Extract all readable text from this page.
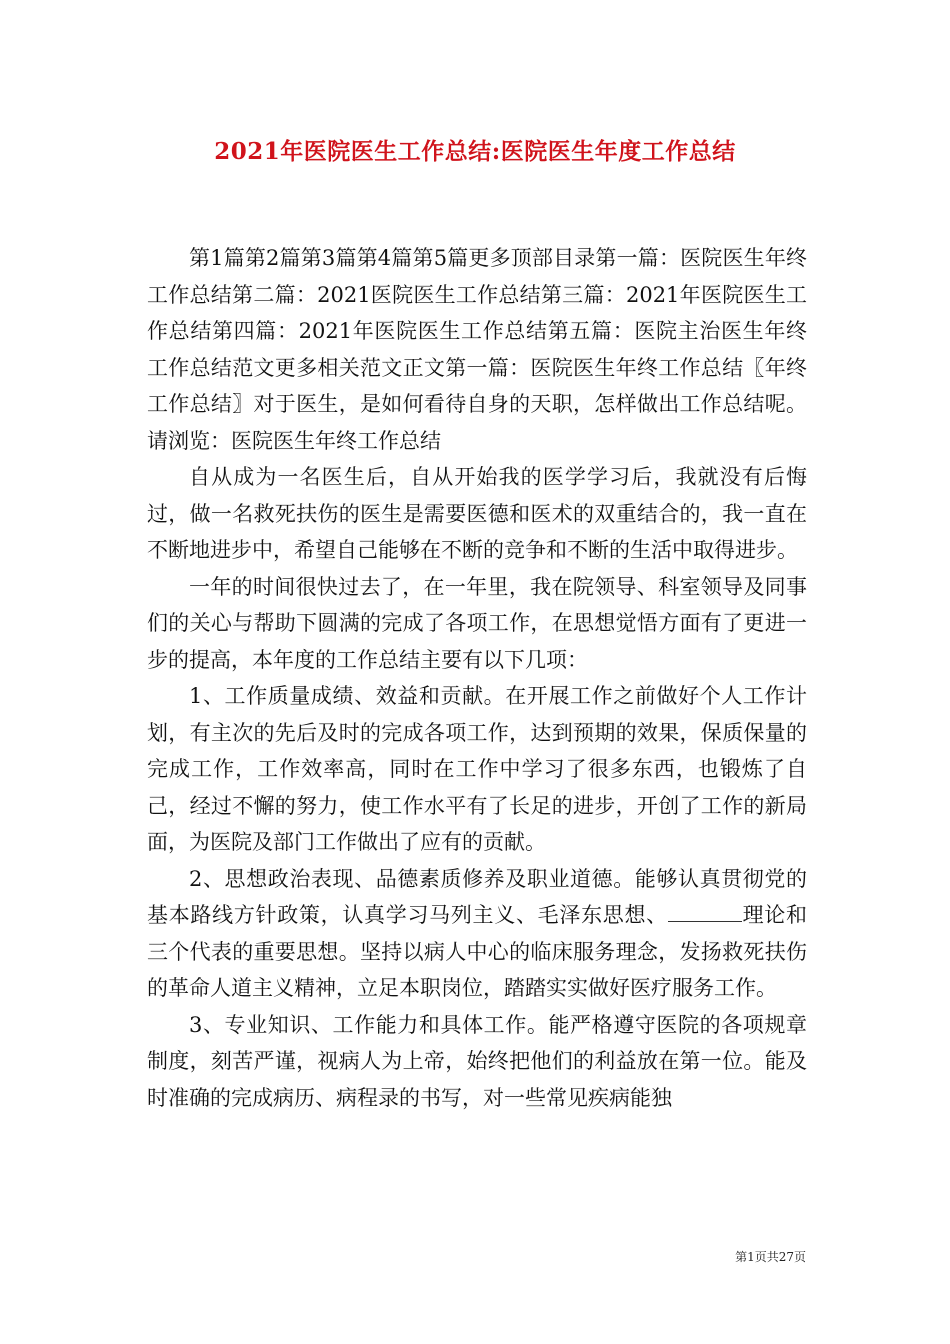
2021年医院医生工作总结:医院医生年度工作总结

第1篇第2篇第3篇第4篇第5篇更多顶部目录第一篇：医院医生年终工作总结第二篇：2021医院医生工作总结第三篇：2021年医院医生工作总结第四篇：2021年医院医生工作总结第五篇：医院主治医生年终工作总结范文更多相关范文正文第一篇：医院医生年终工作总结〖年终工作总结〗对于医生，是如何看待自身的天职，怎样做出工作总结呢。请浏览：医院医生年终工作总结

自从成为一名医生后，自从开始我的医学学习后，我就没有后悔过，做一名救死扶伤的医生是需要医德和医术的双重结合的，我一直在不断地进步中，希望自己能够在不断的竞争和不断的生活中取得进步。

一年的时间很快过去了，在一年里，我在院领导、科室领导及同事们的关心与帮助下圆满的完成了各项工作，在思想觉悟方面有了更进一步的提高，本年度的工作总结主要有以下几项：

1、工作质量成绩、效益和贡献。在开展工作之前做好个人工作计划，有主次的先后及时的完成各项工作，达到预期的效果，保质保量的完成工作，工作效率高，同时在工作中学习了很多东西，也锻炼了自己，经过不懈的努力，使工作水平有了长足的进步，开创了工作的新局面，为医院及部门工作做出了应有的贡献。

2、思想政治表现、品德素质修养及职业道德。能够认真贯彻党的基本路线方针政策，认真学习马列主义、毛泽东思想、	理论和三个代表的重要思想。坚持以病人中心的临床服务理念，发扬救死扶伤的革命人道主义精神，立足本职岗位，踏踏实实做好医疗服务工作。

3、专业知识、工作能力和具体工作。能严格遵守医院的各项规章制度，刻苦严谨，视病人为上帝，始终把他们的利益放在第一位。能及时准确的完成病历、病程录的书写，对一些常见疾病能独

第1页共27页
